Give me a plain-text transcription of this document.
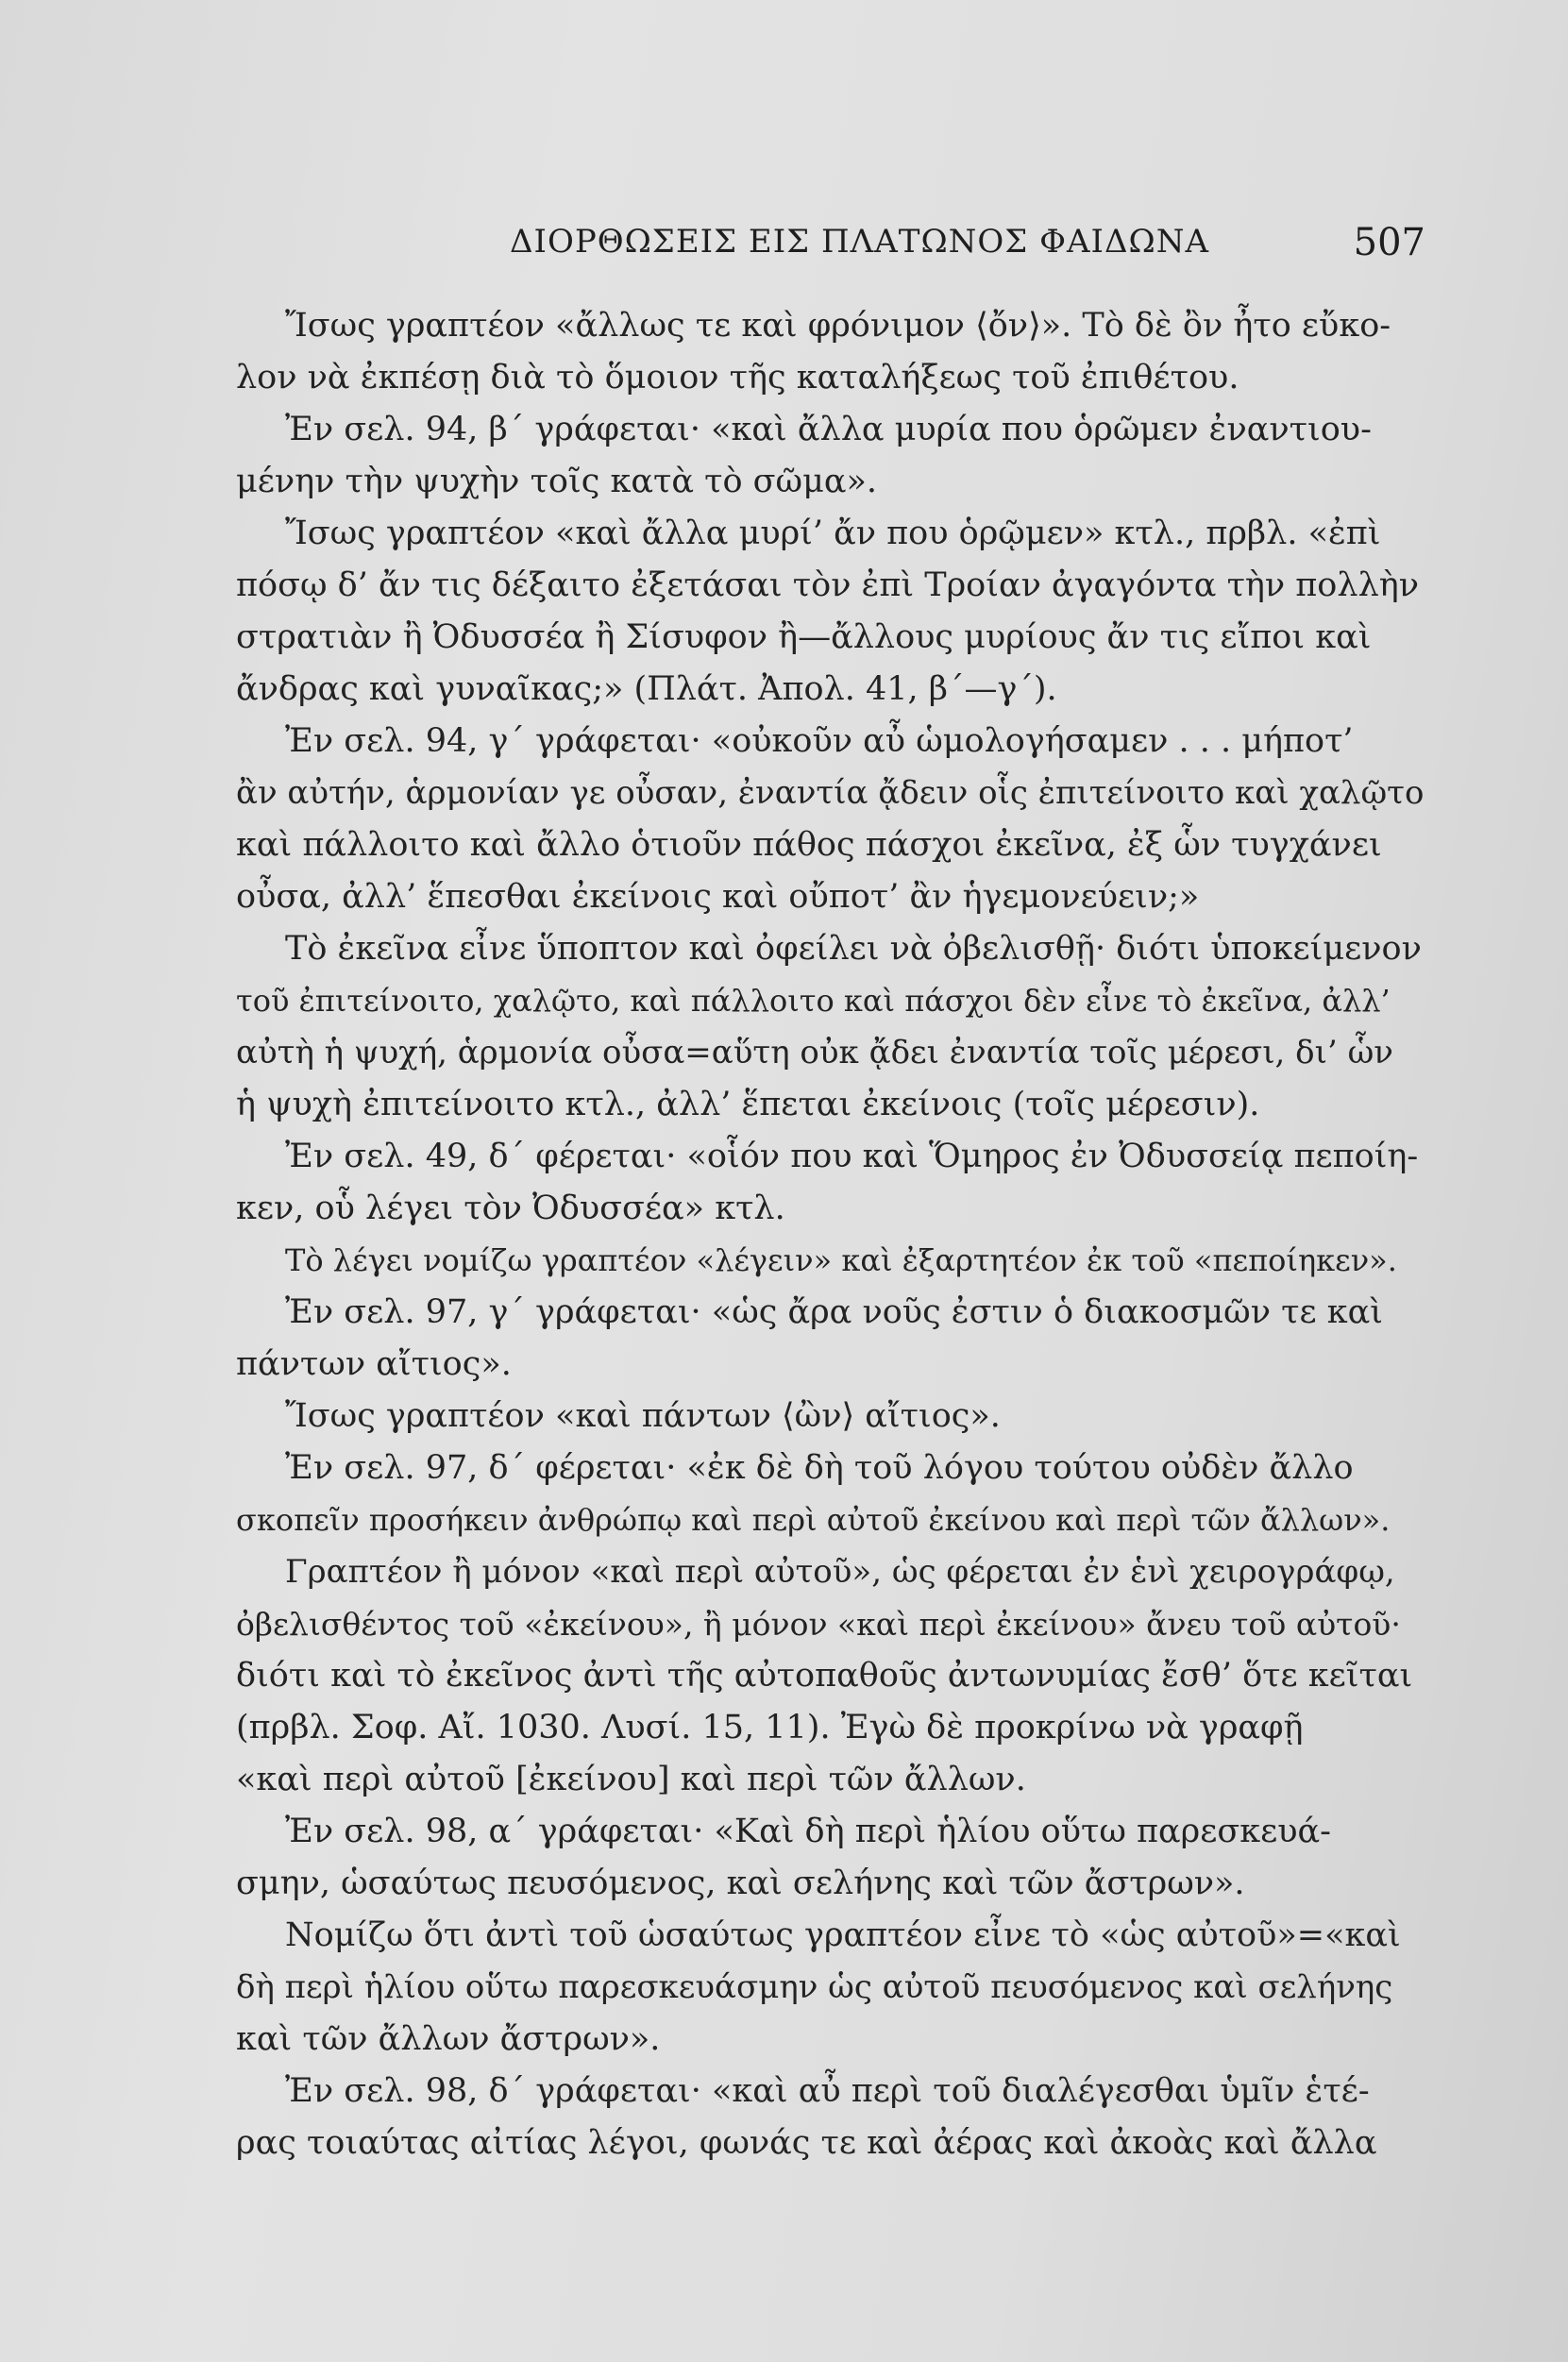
ΔΙΟΡΘΩΣΕΙΣ ΕΙΣ ΠΛΑΤΩΝΟΣ ΦΑΙΔΩΝΑ	507
Ἴσως γραπτέον «ἄλλως τε καὶ φρόνιμον ⟨ὄν⟩». Τὸ δὲ ὂν ἦτο εὔκο-
λον νὰ ἐκπέσῃ διὰ τὸ ὅμοιον τῆς καταλήξεως τοῦ ἐπιθέτου.
Ἐν σελ. 94, β΄ γράφεται· «καὶ ἄλλα μυρία που ὁρῶμεν ἐναντιου-
μένην τὴν ψυχὴν τοῖς κατὰ τὸ σῶμα».
Ἴσως γραπτέον «καὶ ἄλλα μυρί’ ἄν που ὁρῷμεν» κτλ., πρβλ. «ἐπὶ
πόσῳ δ’ ἄν τις δέξαιτο ἐξετάσαι τὸν ἐπὶ Τροίαν ἀγαγόντα τὴν πολλὴν
στρατιὰν ἢ Ὀδυσσέα ἢ Σίσυφον ἢ—ἄλλους μυρίους ἄν τις εἴποι καὶ
ἄνδρας καὶ γυναῖκας;» (Πλάτ. Ἀπολ. 41, β΄—γ΄).
Ἐν σελ. 94, γ΄ γράφεται· «οὐκοῦν αὖ ὡμολογήσαμεν . . . μήποτ’
ἂν αὐτήν, ἁρμονίαν γε οὖσαν, ἐναντία ᾄδειν οἷς ἐπιτείνοιτο καὶ χαλῷτο
καὶ πάλλοιτο καὶ ἄλλο ὁτιοῦν πάθος πάσχοι ἐκεῖνα, ἐξ ὧν τυγχάνει
οὖσα, ἀλλ’ ἕπεσθαι ἐκείνοις καὶ οὔποτ’ ἂν ἡγεμονεύειν;»
Τὸ ἐκεῖνα εἶνε ὕποπτον καὶ ὀφείλει νὰ ὀβελισθῇ· διότι ὑποκείμενον
τοῦ ἐπιτείνοιτο, χαλῷτο, καὶ πάλλοιτο καὶ πάσχοι δὲν εἶνε τὸ ἐκεῖνα, ἀλλ’
αὐτὴ ἡ ψυχή, ἁρμονία οὖσα=αὕτη οὐκ ᾄδει ἐναντία τοῖς μέρεσι, δι’ ὧν
ἡ ψυχὴ ἐπιτείνοιτο κτλ., ἀλλ’ ἕπεται ἐκείνοις (τοῖς μέρεσιν).
Ἐν σελ. 49, δ΄ φέρεται· «οἷόν που καὶ Ὅμηρος ἐν Ὀδυσσείᾳ πεποίη-
κεν, οὗ λέγει τὸν Ὀδυσσέα» κτλ.
Τὸ λέγει νομίζω γραπτέον «λέγειν» καὶ ἐξαρτητέον ἐκ τοῦ «πεποίηκεν».
Ἐν σελ. 97, γ΄ γράφεται· «ὡς ἄρα νοῦς ἐστιν ὁ διακοσμῶν τε καὶ
πάντων αἴτιος».
Ἴσως γραπτέον «καὶ πάντων ⟨ὢν⟩ αἴτιος».
Ἐν σελ. 97, δ΄ φέρεται· «ἐκ δὲ δὴ τοῦ λόγου τούτου οὐδὲν ἄλλο
σκοπεῖν προσήκειν ἀνθρώπῳ καὶ περὶ αὐτοῦ ἐκείνου καὶ περὶ τῶν ἄλλων».
Γραπτέον ἢ μόνον «καὶ περὶ αὐτοῦ», ὡς φέρεται ἐν ἑνὶ χειρογράφῳ,
ὀβελισθέντος τοῦ «ἐκείνου», ἢ μόνον «καὶ περὶ ἐκείνου» ἄνευ τοῦ αὐτοῦ·
διότι καὶ τὸ ἐκεῖνος ἀντὶ τῆς αὐτοπαθοῦς ἀντωνυμίας ἔσθ’ ὅτε κεῖται
(πρβλ. Σοφ. Αἴ. 1030. Λυσί. 15, 11). Ἐγὼ δὲ προκρίνω νὰ γραφῇ
«καὶ περὶ αὐτοῦ [ἐκείνου] καὶ περὶ τῶν ἄλλων.
Ἐν σελ. 98, α΄ γράφεται· «Καὶ δὴ περὶ ἡλίου οὕτω παρεσκευά-
σμην, ὡσαύτως πευσόμενος, καὶ σελήνης καὶ τῶν ἄστρων».
Νομίζω ὅτι ἀντὶ τοῦ ὡσαύτως γραπτέον εἶνε τὸ «ὡς αὐτοῦ»=«καὶ
δὴ περὶ ἡλίου οὕτω παρεσκευάσμην ὡς αὐτοῦ πευσόμενος καὶ σελήνης
καὶ τῶν ἄλλων ἄστρων».
Ἐν σελ. 98, δ΄ γράφεται· «καὶ αὖ περὶ τοῦ διαλέγεσθαι ὑμῖν ἑτέ-
ρας τοιαύτας αἰτίας λέγοι, φωνάς τε καὶ ἀέρας καὶ ἀκοὰς καὶ ἄλλα
